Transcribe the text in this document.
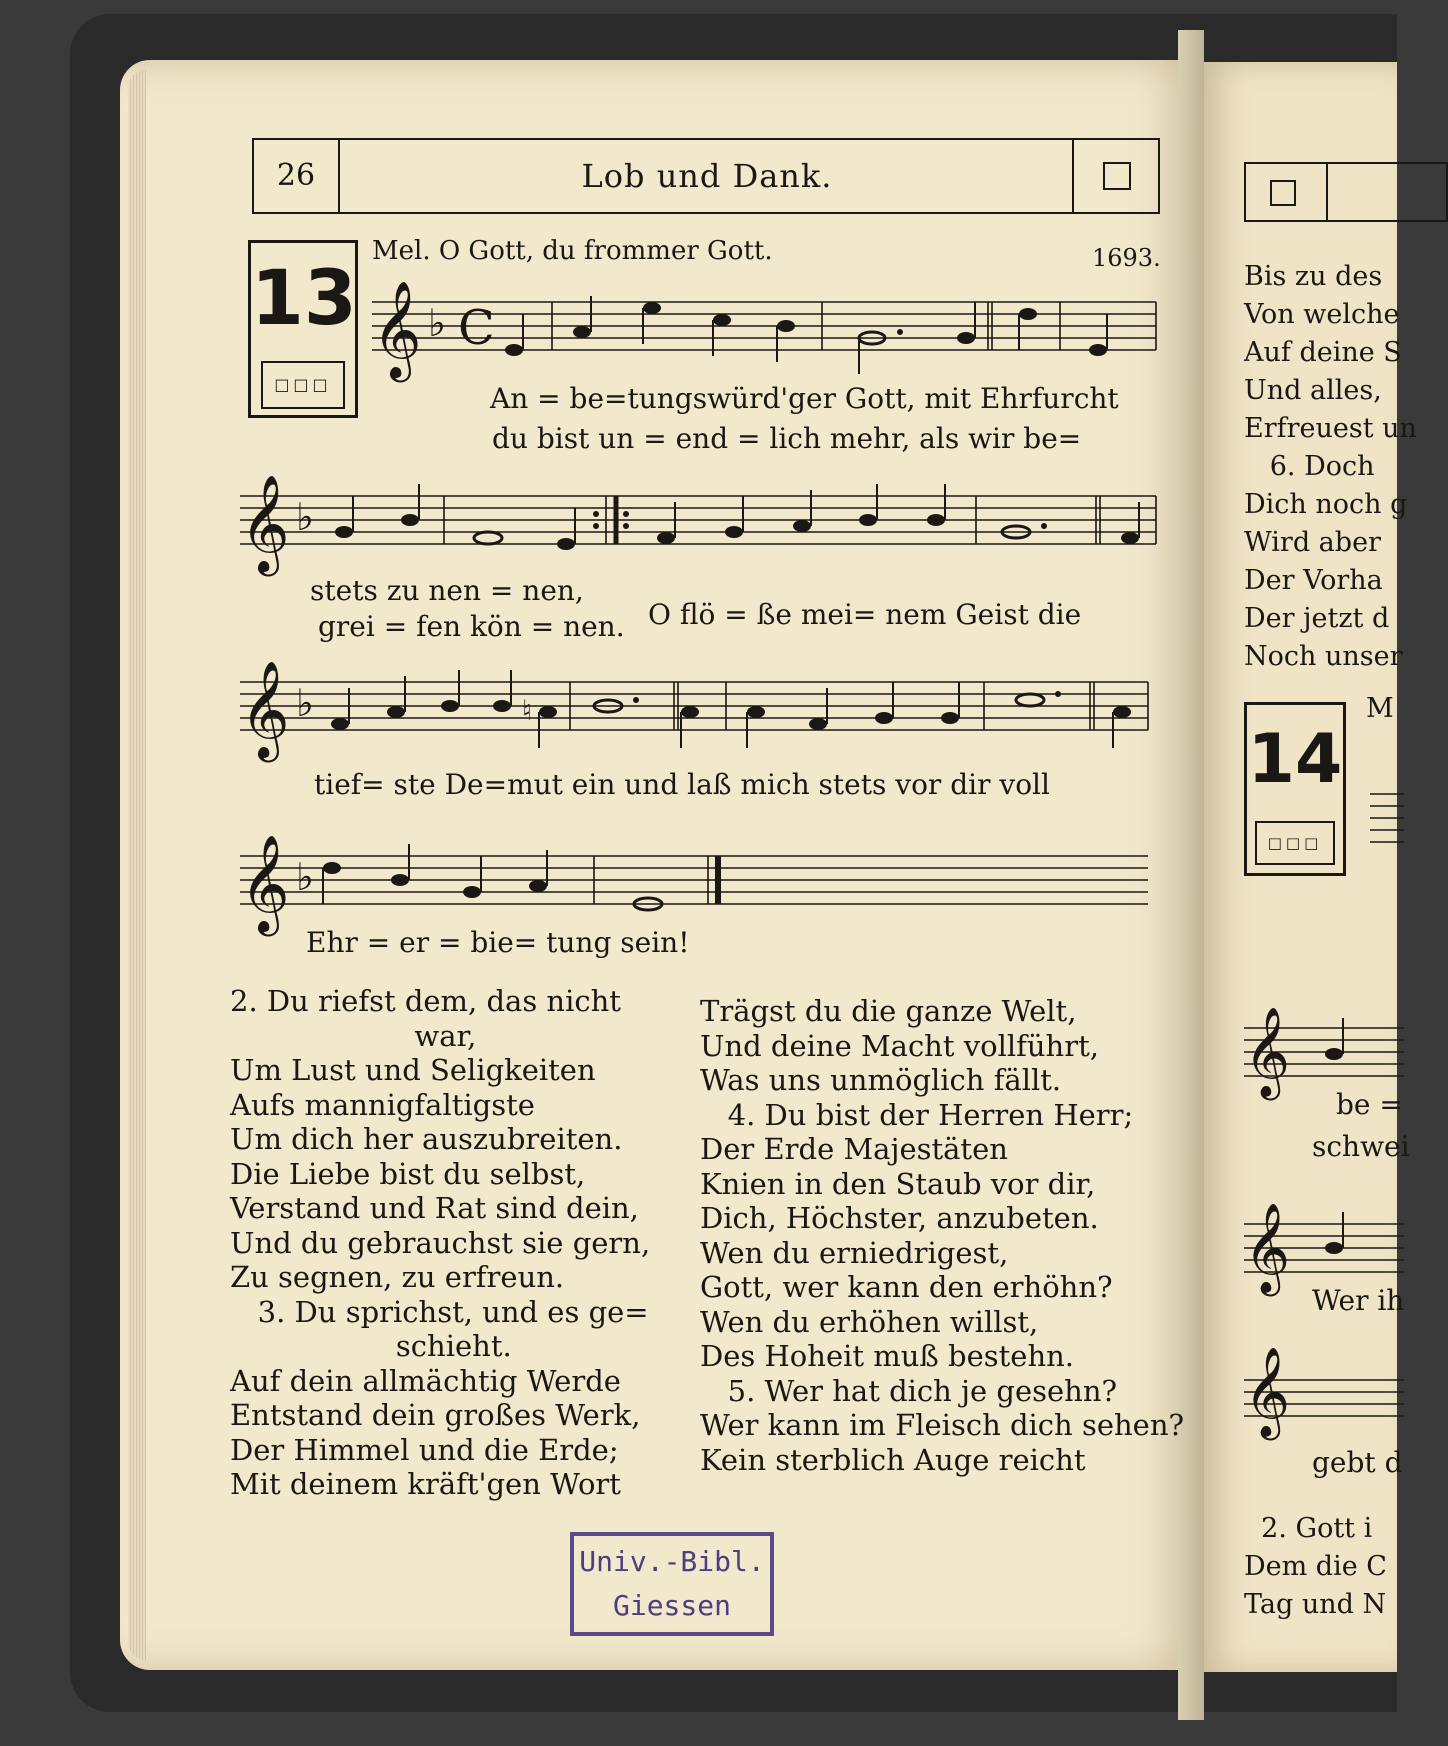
Bis zu des
Von welche
Auf deine S
Und alles,
Erfreuest un
6. Doch
Dich noch g
Wird aber
Der Vorha
Der jetzt d
Noch unser
14
□□□
M
𝄞
𝄞
𝄞
be =
schwei
Wer ih
gebt d
2. Gott i
Dem die C
Tag und N
26	Lob und Dank.
13
□□□
Mel. O Gott, du frommer Gott.	1693.
𝄞 ♭ C
An = be=tungswürd'ger Gott, mit Ehrfurcht
du bist un = end = lich mehr, als wir be=
𝄞 ♭
stets zu nen = nen,
grei = fen kön = nen. O flö = ße mei= nem Geist die
𝄞 ♭	♮
tief= ste De=mut ein und laß mich stets vor dir voll
𝄞 ♭
Ehr = er = bie= tung sein!
2. Du riefst dem, das nicht
war,
Um Lust und Seligkeiten
Aufs mannigfaltigste
Um dich her auszubreiten.
Die Liebe bist du selbst,
Verstand und Rat sind dein,
Und du gebrauchst sie gern,
Zu segnen, zu erfreun.
3. Du sprichst, und es ge=
schieht.
Auf dein allmächtig Werde
Entstand dein großes Werk,
Der Himmel und die Erde;
Mit deinem kräft'gen Wort
Trägst du die ganze Welt,
Und deine Macht vollführt,
Was uns unmöglich fällt.
4. Du bist der Herren Herr;
Der Erde Majestäten
Knien in den Staub vor dir,
Dich, Höchster, anzubeten.
Wen du erniedrigest,
Gott, wer kann den erhöhn?
Wen du erhöhen willst,
Des Hoheit muß bestehn.
5. Wer hat dich je gesehn?
Wer kann im Fleisch dich sehen?
Kein sterblich Auge reicht
Univ.-Bibl.
Giessen
